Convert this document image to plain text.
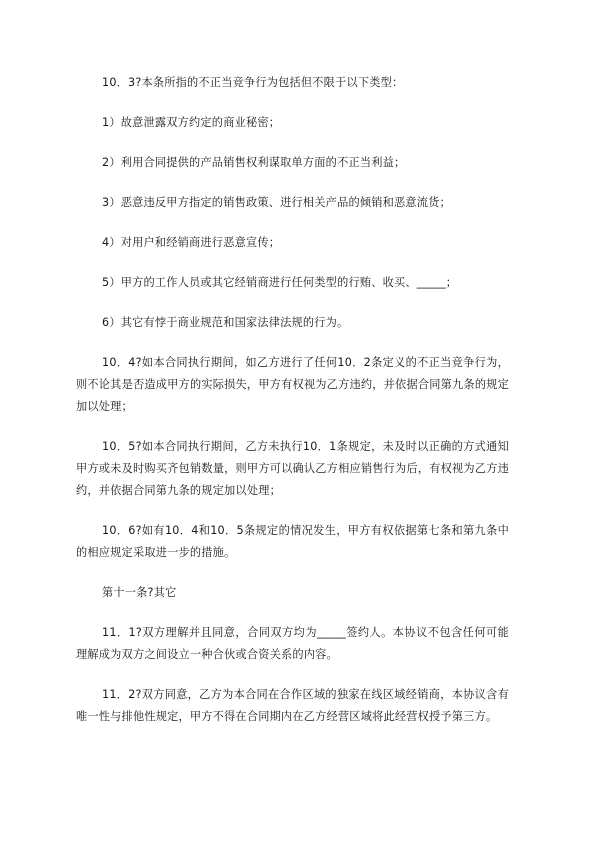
10．3?本条所指的不正当竞争行为包括但不限于以下类型：

1）故意泄露双方约定的商业秘密；

2）利用合同提供的产品销售权利谋取单方面的不正当利益；

3）恶意违反甲方指定的销售政策、进行相关产品的倾销和恶意流货；

4）对用户和经销商进行恶意宣传；

5）甲方的工作人员或其它经销商进行任何类型的行贿、收买、_____；

6）其它有悖于商业规范和国家法律法规的行为。

10．4?如本合同执行期间，如乙方进行了任何10．2条定义的不正当竞争行为，则不论其是否造成甲方的实际损失，甲方有权视为乙方违约，并依据合同第九条的规定加以处理；

10．5?如本合同执行期间，乙方未执行10．1条规定，未及时以正确的方式通知甲方或未及时购买齐包销数量，则甲方可以确认乙方相应销售行为后，有权视为乙方违约，并依据合同第九条的规定加以处理；

10．6?如有10．4和10．5条规定的情况发生，甲方有权依据第七条和第九条中的相应规定采取进一步的措施。

第十一条?其它

11．1?双方理解并且同意，合同双方均为_____签约人。本协议不包含任何可能理解成为双方之间设立一种合伙或合资关系的内容。

11．2?双方同意，乙方为本合同在合作区域的独家在线区域经销商，本协议含有唯一性与排他性规定，甲方不得在合同期内在乙方经营区域将此经营权授予第三方。
